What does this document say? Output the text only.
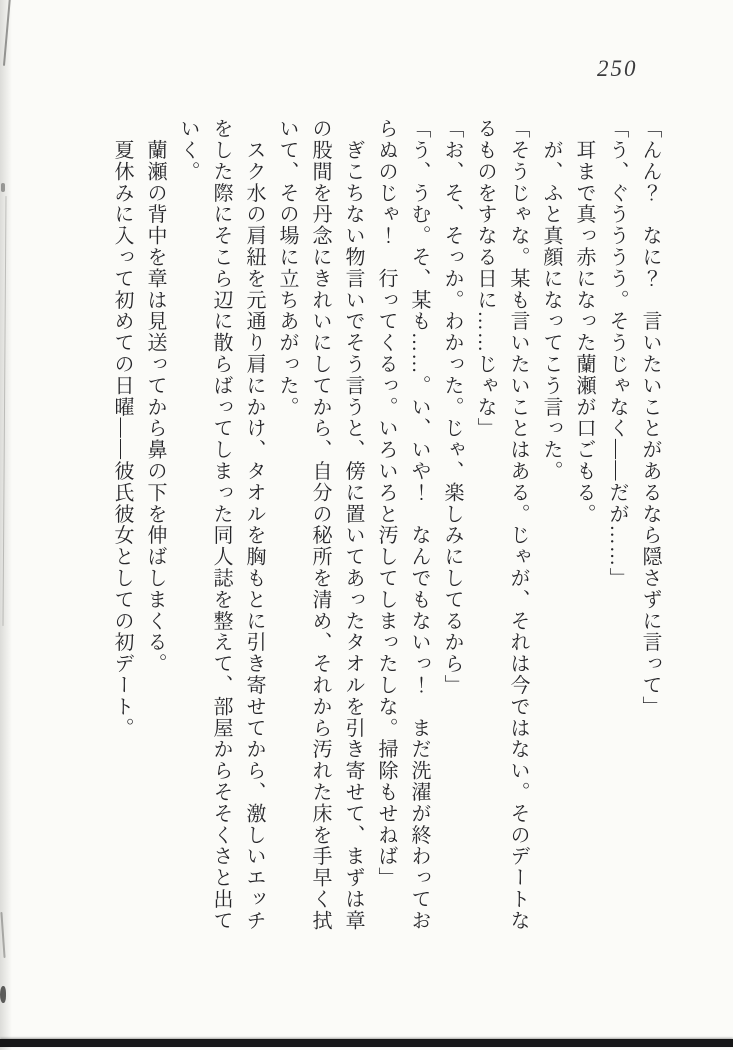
250
「んん？　なに？　言いたいことがあるなら隠さずに言って」
「う、ぐうううう。そうじゃなく――だが……」
　耳まで真っ赤になった蘭瀬が口ごもる。
　が、ふと真顔になってこう言った。
「そうじゃな。某も言いたいことはある。じゃが、それは今ではない。そのデートな
るものをすなる日に……じゃな」
「お、そ、そっか。わかった。じゃ、楽しみにしてるから」
「う、うむ。そ、某も……。い、いや！　なんでもないっ！　まだ洗濯が終わってお
らぬのじゃ！　行ってくるっ。いろいろと汚してしまったしな。掃除もせねば」
　ぎこちない物言いでそう言うと、傍に置いてあったタオルを引き寄せて、まずは章
の股間を丹念にきれいにしてから、自分の秘所を清め、それから汚れた床を手早く拭
いて、その場に立ちあがった。
　スク水の肩紐を元通り肩にかけ、タオルを胸もとに引き寄せてから、激しいエッチ
をした際にそこら辺に散らばってしまった同人誌を整えて、部屋からそそくさと出て
いく。
　蘭瀬の背中を章は見送ってから鼻の下を伸ばしまくる。
　夏休みに入って初めての日曜――彼氏彼女としての初デート。
